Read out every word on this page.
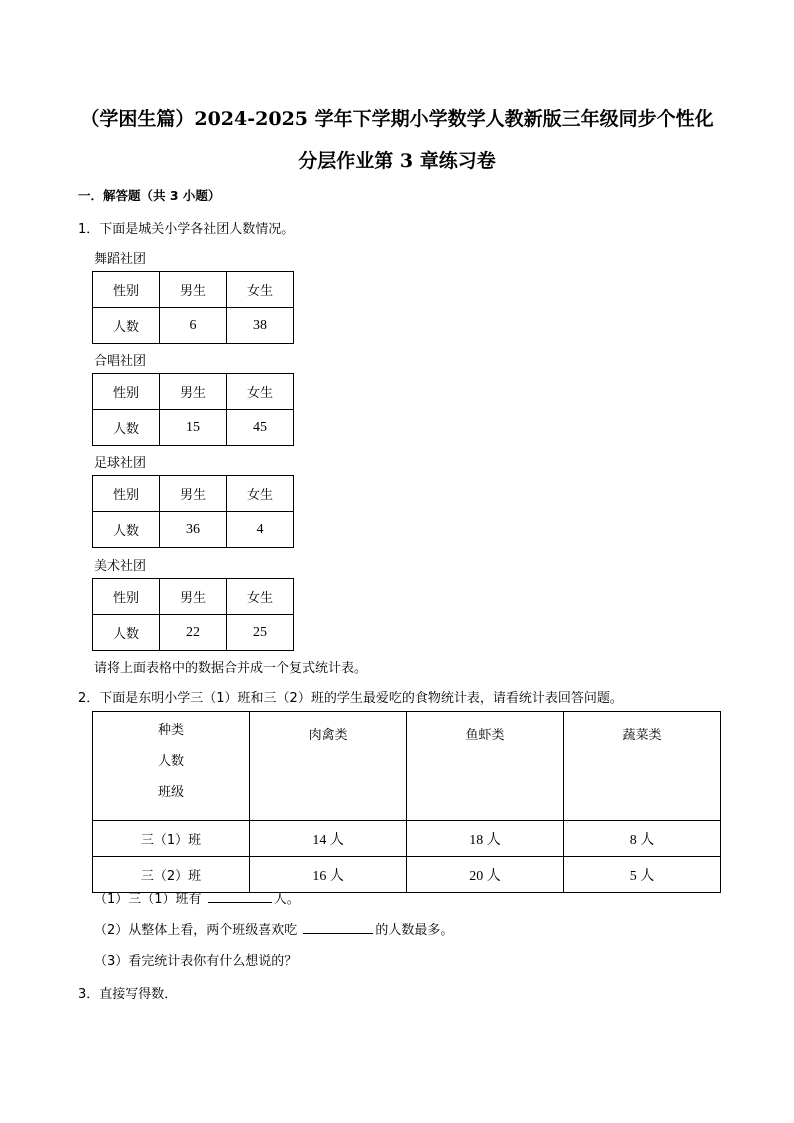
（学困生篇）2024-2025 学年下学期小学数学人教新版三年级同步个性化
分层作业第 3 章练习卷
一．解答题（共 3 小题）
1．下面是城关小学各社团人数情况。
舞蹈社团
性别	男生	女生
人数	6	38
合唱社团
性别	男生	女生
人数	15	45
足球社团
性别	男生	女生
人数	36	4
美术社团
性别	男生	女生
人数	22	25
请将上面表格中的数据合并成一个复式统计表。
2．下面是东明小学三（1）班和三（2）班的学生最爱吃的食物统计表，请看统计表回答问题。
种类
人数
班级	肉禽类	鱼虾类	蔬菜类
三（1）班	14 人	18 人	8 人
三（2）班	16 人	20 人	5 人
（1）三（1）班有	人。
（2）从整体上看，两个班级喜欢吃	的人数最多。
（3）看完统计表你有什么想说的？
3．直接写得数．
